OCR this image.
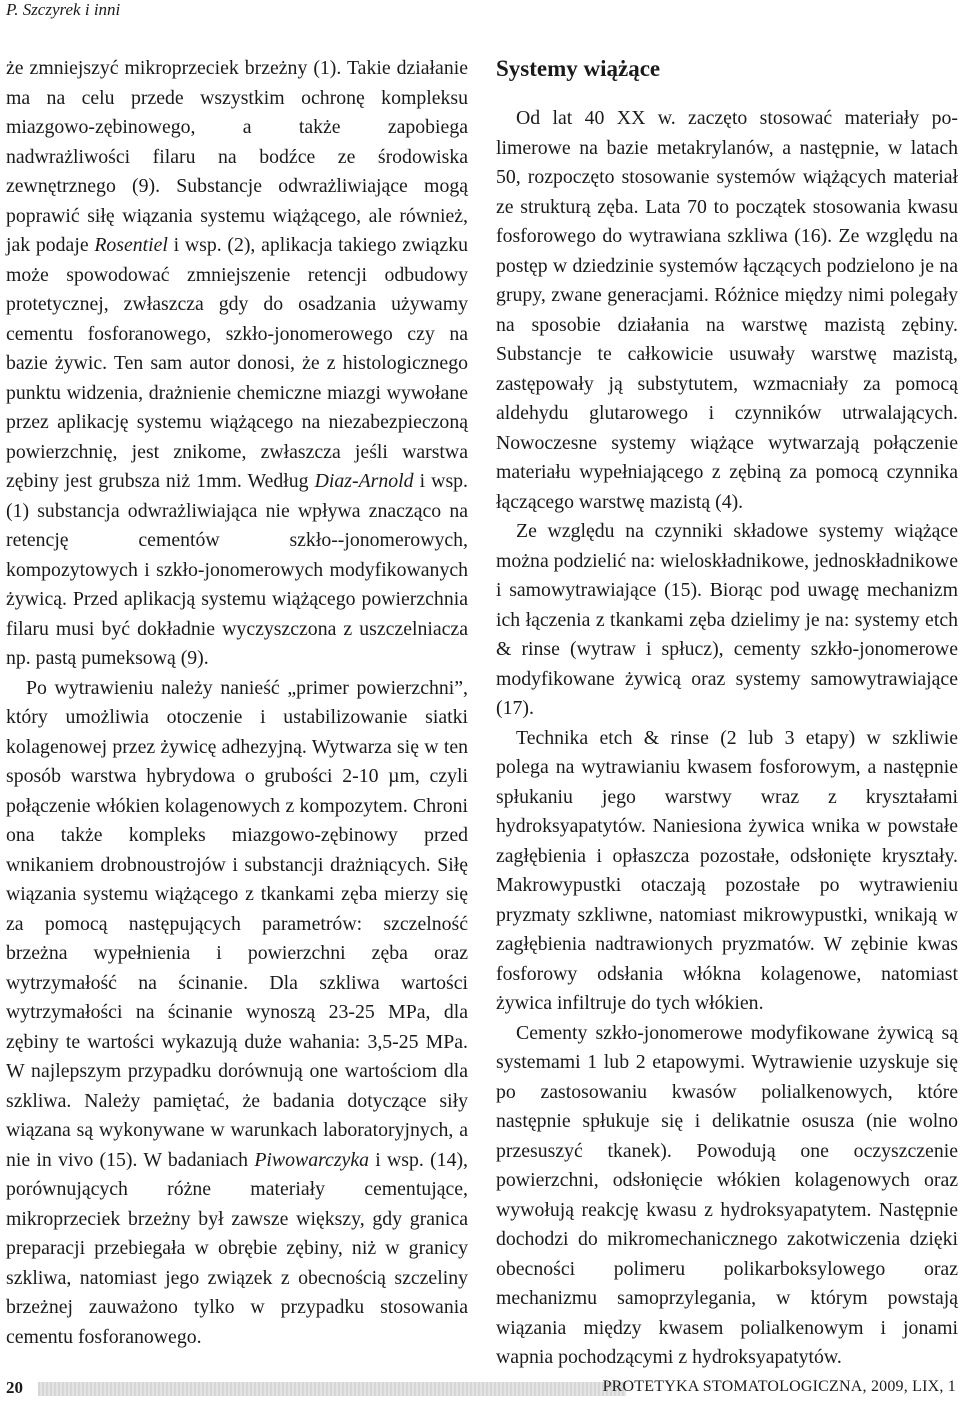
P. Szczyrek i inni

że zmniejszyć mikroprzeciek brzeżny (1). Takie działanie ma na celu przede wszystkim ochronę kompleksu miazgowo-zębinowego, a także zapobiega nadwrażliwości filaru na bodźce ze środowiska zewnętrznego (9). Substancje odwrażliwiające mogą poprawić siłę wiązania systemu wiążącego, ale również, jak podaje Rosentiel i wsp. (2), aplikacja takiego związku może spowodować zmniejszenie retencji odbudowy protetycznej, zwłaszcza gdy do osadzania używamy cementu fosforanowego, szkło-jonomerowego czy na bazie żywic. Ten sam autor donosi, że z histologicznego punktu widzenia, drażnienie chemiczne miazgi wywołane przez aplikację systemu wiążącego na niezabezpieczoną powierzchnię, jest znikome, zwłaszcza jeśli warstwa zębiny jest grubsza niż 1mm. Według Diaz-Arnold i wsp. (1) substancja odwrażliwiająca nie wpływa znacząco na retencję cementów szkło--jonomerowych, kompozytowych i szkło-jonomerowych modyfikowanych żywicą. Przed aplikacją systemu wiążącego powierzchnia filaru musi być dokładnie wyczyszczona z uszczelniacza np. pastą pumeksową (9).

Po wytrawieniu należy nanieść „primer powierzchni”, który umożliwia otoczenie i ustabilizowanie siatki kolagenowej przez żywicę adhezyjną. Wytwarza się w ten sposób warstwa hybrydowa o grubości 2-10 µm, czyli połączenie włókien kolagenowych z kompozytem. Chroni ona także kompleks miazgowo-zębinowy przed wnikaniem drobnoustrojów i substancji drażniących. Siłę wiązania systemu wiążącego z tkankami zęba mierzy się za pomocą następujących parametrów: szczelność brzeżna wypełnienia i powierzchni zęba oraz wytrzymałość na ścinanie. Dla szkliwa wartości wytrzymałości na ścinanie wynoszą 23-25 MPa, dla zębiny te wartości wykazują duże wahania: 3,5-25 MPa. W najlepszym przypadku dorównują one wartościom dla szkliwa. Należy pamiętać, że badania dotyczące siły wiązana są wykonywane w warunkach laboratoryjnych, a nie in vivo (15). W badaniach Piwowarczyka i wsp. (14), porównujących różne materiały cementujące, mikroprzeciek brzeżny był zawsze większy, gdy granica preparacji przebiegała w obrębie zębiny, niż w granicy szkliwa, natomiast jego związek z obecnością szczeliny brzeżnej zauważono tylko w przypadku stosowania cementu fosforanowego.

Systemy wiążące

Od lat 40 XX w. zaczęto stosować materiały polimerowe na bazie metakrylanów, a następnie, w latach 50, rozpoczęto stosowanie systemów wiążących materiał ze strukturą zęba. Lata 70 to początek stosowania kwasu fosforowego do wytrawiana szkliwa (16). Ze względu na postęp w dziedzinie systemów łączących podzielono je na grupy, zwane generacjami. Różnice między nimi polegały na sposobie działania na warstwę mazistą zębiny. Substancje te całkowicie usuwały warstwę mazistą, zastępowały ją substytutem, wzmacniały za pomocą aldehydu glutarowego i czynników utrwalających. Nowoczesne systemy wiążące wytwarzają połączenie materiału wypełniającego z zębiną za pomocą czynnika łączącego warstwę mazistą (4).

Ze względu na czynniki składowe systemy wiążące można podzielić na: wieloskładnikowe, jednoskładnikowe i samowytrawiające (15). Biorąc pod uwagę mechanizm ich łączenia z tkankami zęba dzielimy je na: systemy etch & rinse (wytraw i spłucz), cementy szkło-jonomerowe modyfikowane żywicą oraz systemy samowytrawiające (17).

Technika etch & rinse (2 lub 3 etapy) w szkliwie polega na wytrawianiu kwasem fosforowym, a następnie spłukaniu jego warstwy wraz z kryształami hydroksyapatytów. Naniesiona żywica wnika w powstałe zagłębienia i opłaszcza pozostałe, odsłonięte kryształy. Makrowypustki otaczają pozostałe po wytrawieniu pryzmaty szkliwne, natomiast mikrowypustki, wnikają w zagłębienia nadtrawionych pryzmatów. W zębinie kwas fosforowy odsłania włókna kolagenowe, natomiast żywica infiltruje do tych włókien.

Cementy szkło-jonomerowe modyfikowane żywicą są systemami 1 lub 2 etapowymi. Wytrawienie uzyskuje się po zastosowaniu kwasów polialkenowych, które następnie spłukuje się i delikatnie osusza (nie wolno przesuszyć tkanek). Powodują one oczyszczenie powierzchni, odsłonięcie włókien kolagenowych oraz wywołują reakcję kwasu z hydroksyapatytem. Następnie dochodzi do mikromechanicznego zakotwiczenia dzięki obecności polimeru polikarboksylowego oraz mechanizmu samoprzylegania, w którym powstają wiązania między kwasem polialkenowym i jonami wapnia pochodzącymi z hydroksyapatytów.

20	PROTETYKA STOMATOLOGICZNA, 2009, LIX, 1
